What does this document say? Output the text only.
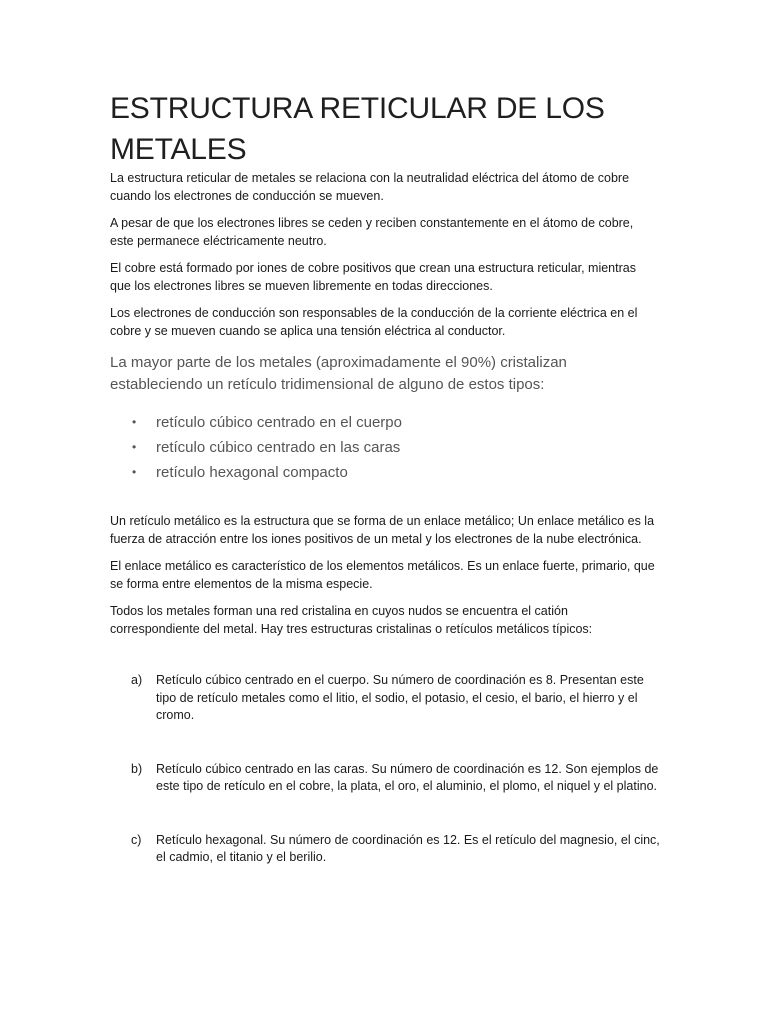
ESTRUCTURA RETICULAR DE LOS METALES

La estructura reticular de metales se relaciona con la neutralidad eléctrica del átomo de cobre cuando los electrones de conducción se mueven.

A pesar de que los electrones libres se ceden y reciben constantemente en el átomo de cobre, este permanece eléctricamente neutro.

El cobre está formado por iones de cobre positivos que crean una estructura reticular, mientras que los electrones libres se mueven libremente en todas direcciones.

Los electrones de conducción son responsables de la conducción de la corriente eléctrica en el cobre y se mueven cuando se aplica una tensión eléctrica al conductor.

La mayor parte de los metales (aproximadamente el 90%) cristalizan estableciendo un retículo tridimensional de alguno de estos tipos:

• retículo cúbico centrado en el cuerpo
• retículo cúbico centrado en las caras
• retículo hexagonal compacto

Un retículo metálico es la estructura que se forma de un enlace metálico; Un enlace metálico es la fuerza de atracción entre los iones positivos de un metal y los electrones de la nube electrónica.

El enlace metálico es característico de los elementos metálicos. Es un enlace fuerte, primario, que se forma entre elementos de la misma especie.

Todos los metales forman una red cristalina en cuyos nudos se encuentra el catión correspondiente del metal. Hay tres estructuras cristalinas o retículos metálicos típicos:

a) Retículo cúbico centrado en el cuerpo. Su número de coordinación es 8. Presentan este tipo de retículo metales como el litio, el sodio, el potasio, el cesio, el bario, el hierro y el cromo.
b) Retículo cúbico centrado en las caras. Su número de coordinación es 12. Son ejemplos de este tipo de retículo en el cobre, la plata, el oro, el aluminio, el plomo, el niquel y el platino.
c) Retículo hexagonal. Su número de coordinación es 12. Es el retículo del magnesio, el cinc, el cadmio, el titanio y el berilio.
